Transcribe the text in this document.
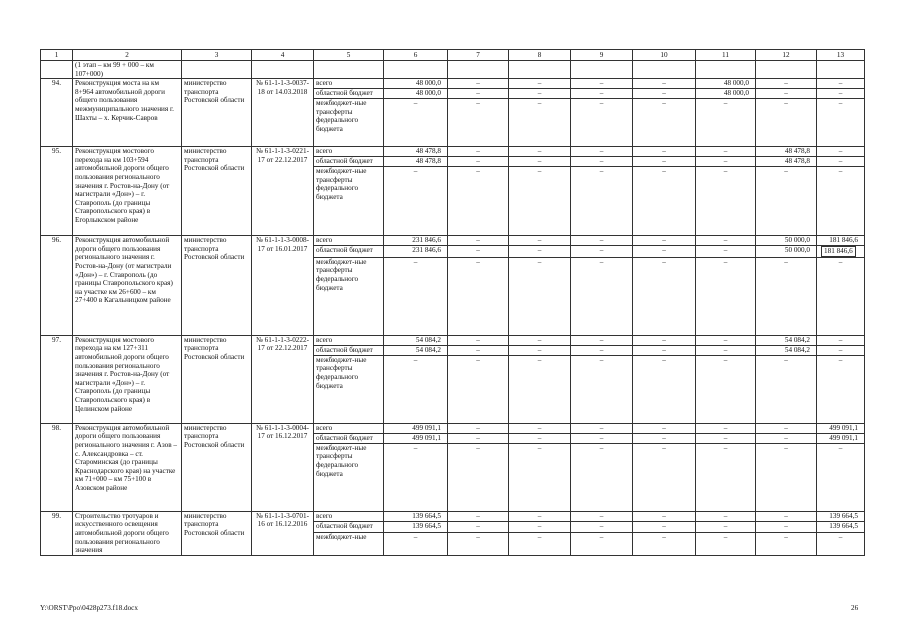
1	2	3	4	5	6	7	8	9	10	11	12	13
	(1 этап – км 99 + 000 – км 107+000)											
94.	Реконструкция моста на км 8+964 автомобильной дороги общего пользования межмуниципального значения г. Шахты – х. Керчик-Савров	министерство транспорта Ростовской области	№ 61-1-1-3-0037-18 от 14.03.2018	всего	48 000,0	–	–	–	–	48 000,0	–	–
				областной бюджет	48 000,0	–	–	–	–	48 000,0	–	–
				межбюджет-ные трансферты федерального бюджета	–	–	–	–	–	–	–	–
95.	Реконструкция мостового перехода на км 103+594 автомобильной дороги общего пользования регионального значения г. Ростов-на-Дону (от магистрали «Дон») – г. Ставрополь (до границы Ставропольского края) в Егорлыкском районе	министерство транспорта Ростовской области	№ 61-1-1-3-0221-17 от 22.12.2017	всего	48 478,8	–	–	–	–	–	48 478,8	–
				областной бюджет	48 478,8	–	–	–	–	–	48 478,8	–
				межбюджет-ные трансферты федерального бюджета	–	–	–	–	–	–	–	–
96.	Реконструкция автомобильной дороги общего пользования регионального значения г. Ростов-на-Дону (от магистрали «Дон») – г. Ставрополь (до границы Ставропольского края) на участке км 26+600 – км 27+400 в Кагальницком районе	министерство транспорта Ростовской области	№ 61-1-1-3-0008-17 от 16.01.2017	всего	231 846,6	–	–	–	–	–	50 000,0	181 846,6
				областной бюджет	231 846,6	–	–	–	–	–	50 000,0	181 846,6
				межбюджет-ные трансферты федерального бюджета	–	–	–	–	–	–	–	–
97.	Реконструкция мостового перехода на км 127+311 автомобильной дороги общего пользования регионального значения г. Ростов-на-Дону (от магистрали «Дон») – г. Ставрополь (до границы Ставропольского края) в Целинском районе	министерство транспорта Ростовской области	№ 61-1-1-3-0222-17 от 22.12.2017	всего	54 084,2	–	–	–	–	–	54 084,2	–
				областной бюджет	54 084,2	–	–	–	–	–	54 084,2	–
				межбюджет-ные трансферты федерального бюджета	–	–	–	–	–	–	–	–
98.	Реконструкция автомобильной дороги общего пользования регионального значения г. Азов – с. Александровка – ст. Староминская (до границы Краснодарского края) на участке км 71+000 – км 75+100 в Азовском районе	министерство транспорта Ростовской области	№ 61-1-1-3-0004-17 от 16.12.2017	всего	499 091,1	–	–	–	–	–	–	499 091,1
				областной бюджет	499 091,1	–	–	–	–	–	–	499 091,1
				межбюджет-ные трансферты федерального бюджета	–	–	–	–	–	–	–	–
99.	Строительство тротуаров и искусственного освещения автомобильной дороги общего пользования регионального значения	министерство транспорта Ростовской области	№ 61-1-1-3-0701-16 от 16.12.2016	всего	139 664,5	–	–	–	–	–	–	139 664,5
				областной бюджет	139 664,5	–	–	–	–	–	–	139 664,5
				межбюджет-ные	–	–	–	–	–	–	–	–
Y:\ORST\Ppo\0428p273.f18.docx	26
